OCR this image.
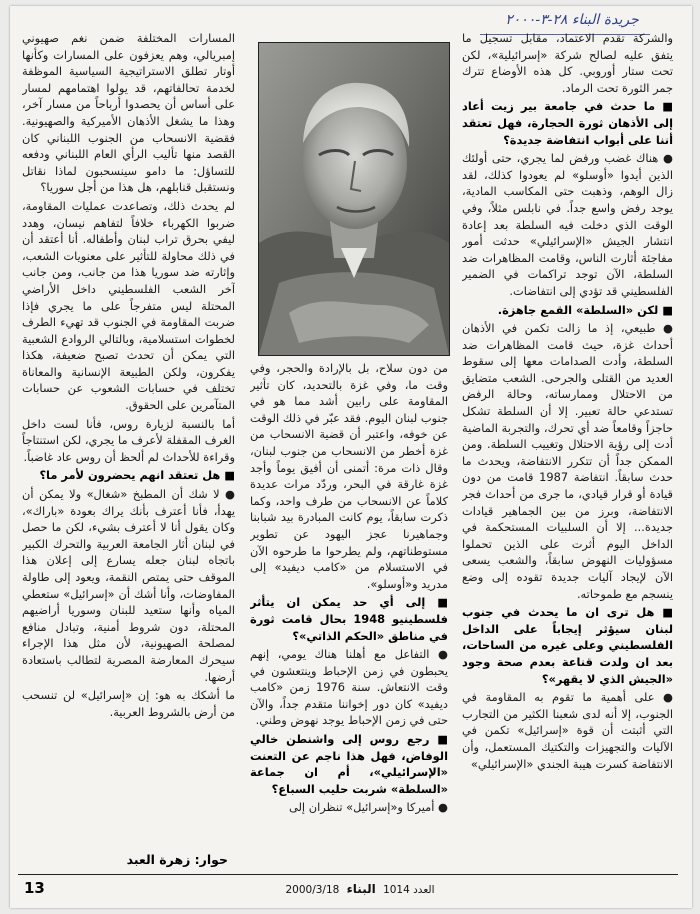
جريدة البناء ٢٨-٣-٢٠٠٠

والشركة تقدم الاعتماد، مقابل تسجيل ما يتفق عليه لصالح شركة «إسرائيلية»، لكن تحت ستار أوروبي. كل هذه الأوضاع تترك جمر الثورة تحت الرماد.

■ ما حدث في جامعة بير زيت أعاد إلى الأذهان ثورة الحجارة، فهل تعتقد أننا على أبواب انتفاضة جديدة؟

● هناك غضب ورفض لما يجري، حتى أولئك الذين أيدوا «أوسلو» لم يعودوا كذلك، لقد زال الوهم، وذهبت حتى المكاسب المادية، يوجد رفض واسع جداً. في نابلس مثلاً، وفي الوقت الذي دخلت فيه السلطة بعد إعادة انتشار الجيش «الإسرائيلي» حدثت أمور مفاجئة أثارت الناس، وقامت المظاهرات ضد السلطة، الآن توجد تراكمات في الضمير الفلسطيني قد تؤدي إلى انتفاضات.

■ لكن «السلطة» القمع جاهزة.

● طبيعي، إذ ما زالت تكمن في الأذهان أحداث غزة، حيث قامت المظاهرات ضد السلطة، وأدت الصدامات معها إلى سقوط العديد من القتلى والجرحى. الشعب متضايق من الاحتلال وممارساته، وحالة الرفض تستدعي حالة تعبير. إلا أن السلطة تشكل حاجزاً وقامعاً ضد أي تحرك، والتجربة الماضية أدت إلى رؤية الاحتلال وتغييب السلطة. ومن الممكن جداً أن تتكرر الانتفاضة، ويحدث ما حدث سابقاً. انتفاضة 1987 قامت من دون قيادة أو قرار قيادي، ما جرى من أحداث فجر الانتفاضة، وبرز من بين الجماهير قيادات جديدة... إلا أن السلبيات المستحكمة في الداخل اليوم أثرت على الذين تحملوا مسؤوليات النهوض سابقاً، والشعب يسعى الآن لإيجاد آليات جديدة تقوده إلى وضع ينسجم مع طموحاته.

■ هل ترى ان ما يحدث في جنوب لبنان سيؤثر إيجاباً على الداخل الفلسطيني وعلى غيره من الساحات، بعد ان ولدت قناعة بعدم صحة وجود «الجيش الذي لا يقهر»؟

● على أهمية ما تقوم به المقاومة في الجنوب، إلا أنه لدى شعبنا الكثير من التجارب التي أثبتت أن قوة «إسرائيل» تكمن في الآليات والتجهيزات والتكتيك المستعمل، وأن الانتفاضة كسرت هيبة الجندي «الإسرائيلي»

من دون سلاح، بل بالإرادة والحجر، وفي وقت ما، وفي غزة بالتحديد، كان تأثير المقاومة على رابين أشد مما هو في جنوب لبنان اليوم. فقد عبّر في ذلك الوقت عن خوفه، واعتبر أن قضية الانسحاب من غزة أخطر من الانسحاب من جنوب لبنان، وقال ذات مرة: أتمنى أن أفيق يوماً وأجد غزة غارقة في البحر، وردّد مرات عديدة كلاماً عن الانسحاب من طرف واحد، وكما ذكرت سابقاً، يوم كانت المبادرة بيد شبابنا وجماهيرنا عجز اليهود عن تطوير مستوطناتهم، ولم يطرحوا ما طرحوه الآن في الاستسلام من «كامب ديفيد» إلى مدريد و«أوسلو».

■ إلى أي حد يمكن ان يتأثر فلسطينيو 1948 بحال قامت ثورة في مناطق «الحكم الذاتي»؟

● التفاعل مع أهلنا هناك يومي، إنهم يحبطون في زمن الإحباط وينتعشون في وقت الانتعاش. سنة 1976 زمن «كامب ديفيد» كان دور إخواننا متقدم جداً، والآن حتى في زمن الإحباط يوجد نهوض وطني.

■ رجع روس إلى واشنطن خالي الوفاض، فهل هذا ناجم عن التعنت «الإسرائيلي»، أم ان جماعة «السلطة» شربت حليب السباع؟

● أميركا و«إسرائيل» تنظران إلى

المسارات المختلفة ضمن نغم صهيوني إمبريالي، وهم يعزفون على المسارات وكأنها أوتار تطلق الاستراتيجية السياسية الموظفة لخدمة تحالفاتهم، قد يولوا اهتمامهم لمسار على أساس أن يحصدوا أرباحاً من مسار آخر، وهذا ما يشغل الأذهان الأميركية والصهيونية. فقضية الانسحاب من الجنوب اللبناني كان القصد منها تأليب الرأي العام اللبناني ودفعه للتساؤل: ما دامو سينسحبون لماذا نقاتل ونستقبل قنابلهم، هل هذا من أجل سوريا؟

لم يحدث ذلك، وتصاعدت عمليات المقاومة، ضربوا الكهرباء خلافاً لتفاهم نيسان، وهدد ليفي بحرق تراب لبنان وأطفاله. أنا أعتقد أن في ذلك محاولة للتأثير على معنويات الشعب، وإثارته ضد سوريا هذا من جانب، ومن جانب آخر الشعب الفلسطيني داخل الأراضي المحتلة ليس متفرجاً على ما يجري فإذا ضربت المقاومة في الجنوب قد تهيء الطرف لخطوات استسلامية، وبالتالي الروادع الشعبية التي يمكن أن تحدث تصبح ضعيفة، هكذا يفكرون، ولكن الطبيعة الإنسانية والمعاناة تختلف في حسابات الشعوب عن حسابات المتآمرين على الحقوق.

أما بالنسبة لزيارة روس، فأنا لست داخل الغرف المقفلة لأعرف ما يجري، لكن استنتاجاً وقراءة للأحداث لم ألحظ أن روس عاد غاضباً.

■ هل تعتقد انهم يحضرون لأمر ما؟

● لا شك أن المطبخ «شغال» ولا يمكن أن يهدأ، فأنا أعترف بأنك يراك بعودة «باراك»، وكان يقول أنا لا أعترف بشيء، لكن ما حصل في لبنان أثار الجامعة العربية والتحرك الكبير باتجاه لبنان جعله يسارع إلى إعلان هذا الموقف حتى يمتص النقمة، ويعود إلى طاولة المفاوضات، وأنا أشك أن «إسرائيل» ستعطي المياه وأنها ستعيد للبنان وسوريا أراضيهم المحتلة، دون شروط أمنية، وتبادل منافع لمصلحة الصهيونية، لأن مثل هذا الإجراء سيحرك المعارضة المصرية لتطالب باستعادة أرضها.

ما أشكك به هو: إن «إسرائيل» لن تنسحب من أرض بالشروط العربية.

حوار: زهرة العبد
13	العدد 1014 البناء 2000/3/18
